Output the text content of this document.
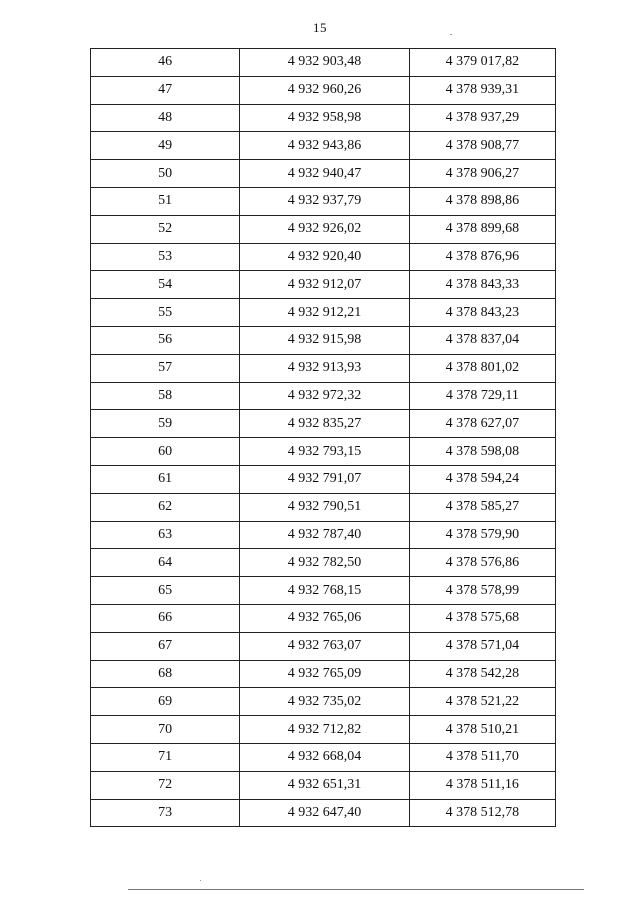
15
46	4 932 903,48	4 379 017,82
47	4 932 960,26	4 378 939,31
48	4 932 958,98	4 378 937,29
49	4 932 943,86	4 378 908,77
50	4 932 940,47	4 378 906,27
51	4 932 937,79	4 378 898,86
52	4 932 926,02	4 378 899,68
53	4 932 920,40	4 378 876,96
54	4 932 912,07	4 378 843,33
55	4 932 912,21	4 378 843,23
56	4 932 915,98	4 378 837,04
57	4 932 913,93	4 378 801,02
58	4 932 972,32	4 378 729,11
59	4 932 835,27	4 378 627,07
60	4 932 793,15	4 378 598,08
61	4 932 791,07	4 378 594,24
62	4 932 790,51	4 378 585,27
63	4 932 787,40	4 378 579,90
64	4 932 782,50	4 378 576,86
65	4 932 768,15	4 378 578,99
66	4 932 765,06	4 378 575,68
67	4 932 763,07	4 378 571,04
68	4 932 765,09	4 378 542,28
69	4 932 735,02	4 378 521,22
70	4 932 712,82	4 378 510,21
71	4 932 668,04	4 378 511,70
72	4 932 651,31	4 378 511,16
73	4 932 647,40	4 378 512,78
